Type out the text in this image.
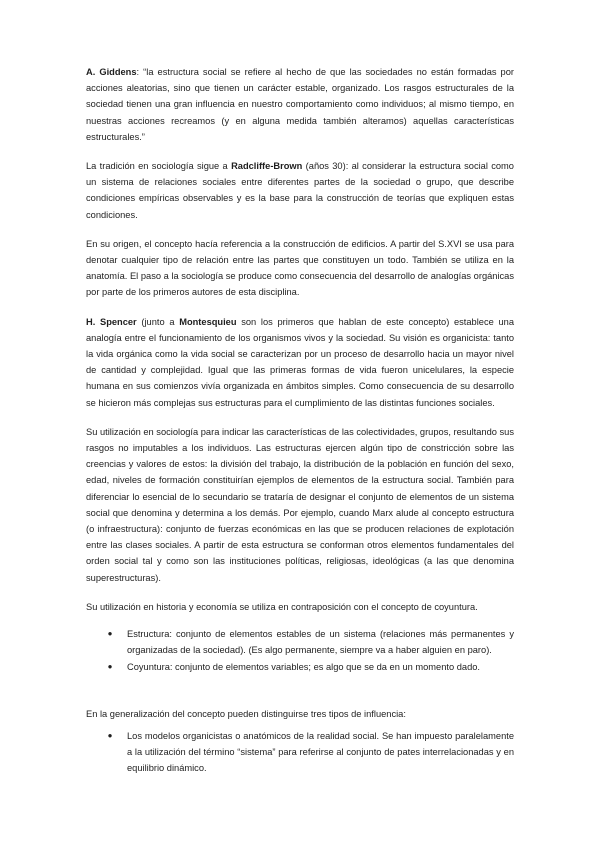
A. Giddens: “la estructura social se refiere al hecho de que las sociedades no están formadas por acciones aleatorias, sino que tienen un carácter estable, organizado. Los rasgos estructurales de la sociedad tienen una gran influencia en nuestro comportamiento como individuos; al mismo tiempo, en nuestras acciones recreamos (y en alguna medida también alteramos) aquellas características estructurales.”

La tradición en sociología sigue a Radcliffe-Brown (años 30): al considerar la estructura social como un sistema de relaciones sociales entre diferentes partes de la sociedad o grupo, que describe condiciones empíricas observables y es la base para la construcción de teorías que expliquen estas condiciones.

En su origen, el concepto hacía referencia a la construcción de edificios. A partir del S.XVI se usa para denotar cualquier tipo de relación entre las partes que constituyen un todo. También se utiliza en la anatomía. El paso a la sociología se produce como consecuencia del desarrollo de analogías orgánicas por parte de los primeros autores de esta disciplina.

H. Spencer (junto a Montesquieu son los primeros que hablan de este concepto) establece una analogía entre el funcionamiento de los organismos vivos y la sociedad. Su visión es organicista: tanto la vida orgánica como la vida social se caracterizan por un proceso de desarrollo hacia un mayor nivel de cantidad y complejidad. Igual que las primeras formas de vida fueron unicelulares, la especie humana en sus comienzos vivía organizada en ámbitos simples. Como consecuencia de su desarrollo se hicieron más complejas sus estructuras para el cumplimiento de las distintas funciones sociales.

Su utilización en sociología para indicar las características de las colectividades, grupos, resultando sus rasgos no imputables a los individuos. Las estructuras ejercen algún tipo de constricción sobre las creencias y valores de estos: la división del trabajo, la distribución de la población en función del sexo, edad, niveles de formación constituirían ejemplos de elementos de la estructura social. También para diferenciar lo esencial de lo secundario se trataría de designar el conjunto de elementos de un sistema social que denomina y determina a los demás. Por ejemplo, cuando Marx alude al concepto estructura (o infraestructura): conjunto de fuerzas económicas en las que se producen relaciones de explotación entre las clases sociales. A partir de esta estructura se conforman otros elementos fundamentales del orden social tal y como son las instituciones políticas, religiosas, ideológicas (a las que denomina superestructuras).

Su utilización en historia y economía se utiliza en contraposición con el concepto de coyuntura.

● Estructura: conjunto de elementos estables de un sistema (relaciones más permanentes y organizadas de la sociedad). (Es algo permanente, siempre va a haber alguien en paro).
● Coyuntura: conjunto de elementos variables; es algo que se da en un momento dado.

En la generalización del concepto pueden distinguirse tres tipos de influencia:

● Los modelos organicistas o anatómicos de la realidad social. Se han impuesto paralelamente a la utilización del término “sistema” para referirse al conjunto de pates interrelacionadas y en equilibrio dinámico.
